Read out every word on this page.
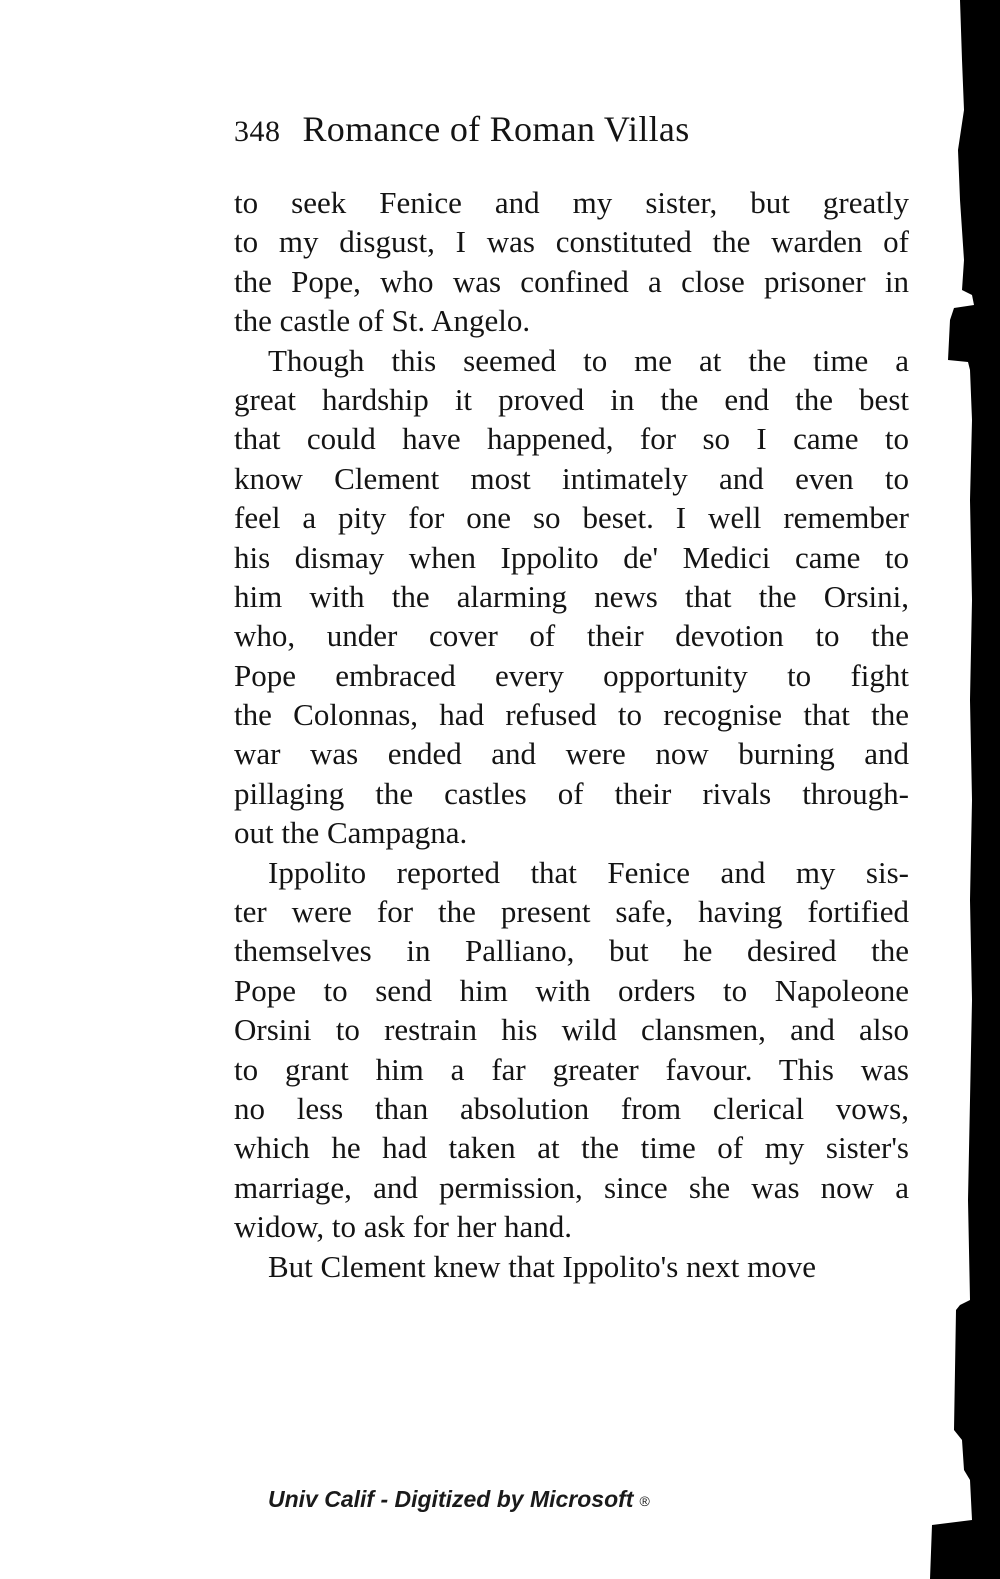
348 Romance of Roman Villas
to seek Fenice and my sister, but greatly
to my disgust, I was constituted the warden of
the Pope, who was confined a close prisoner in
the castle of St. Angelo.
Though this seemed to me at the time a
great hardship it proved in the end the best
that could have happened, for so I came to
know Clement most intimately and even to
feel a pity for one so beset. I well remember
his dismay when Ippolito de' Medici came to
him with the alarming news that the Orsini,
who, under cover of their devotion to the
Pope embraced every opportunity to fight
the Colonnas, had refused to recognise that the
war was ended and were now burning and
pillaging the castles of their rivals through-
out the Campagna.
Ippolito reported that Fenice and my sis-
ter were for the present safe, having fortified
themselves in Palliano, but he desired the
Pope to send him with orders to Napoleone
Orsini to restrain his wild clansmen, and also
to grant him a far greater favour. This was
no less than absolution from clerical vows,
which he had taken at the time of my sister's
marriage, and permission, since she was now a
widow, to ask for her hand.
But Clement knew that Ippolito's next move
Univ Calif - Digitized by Microsoft ®
